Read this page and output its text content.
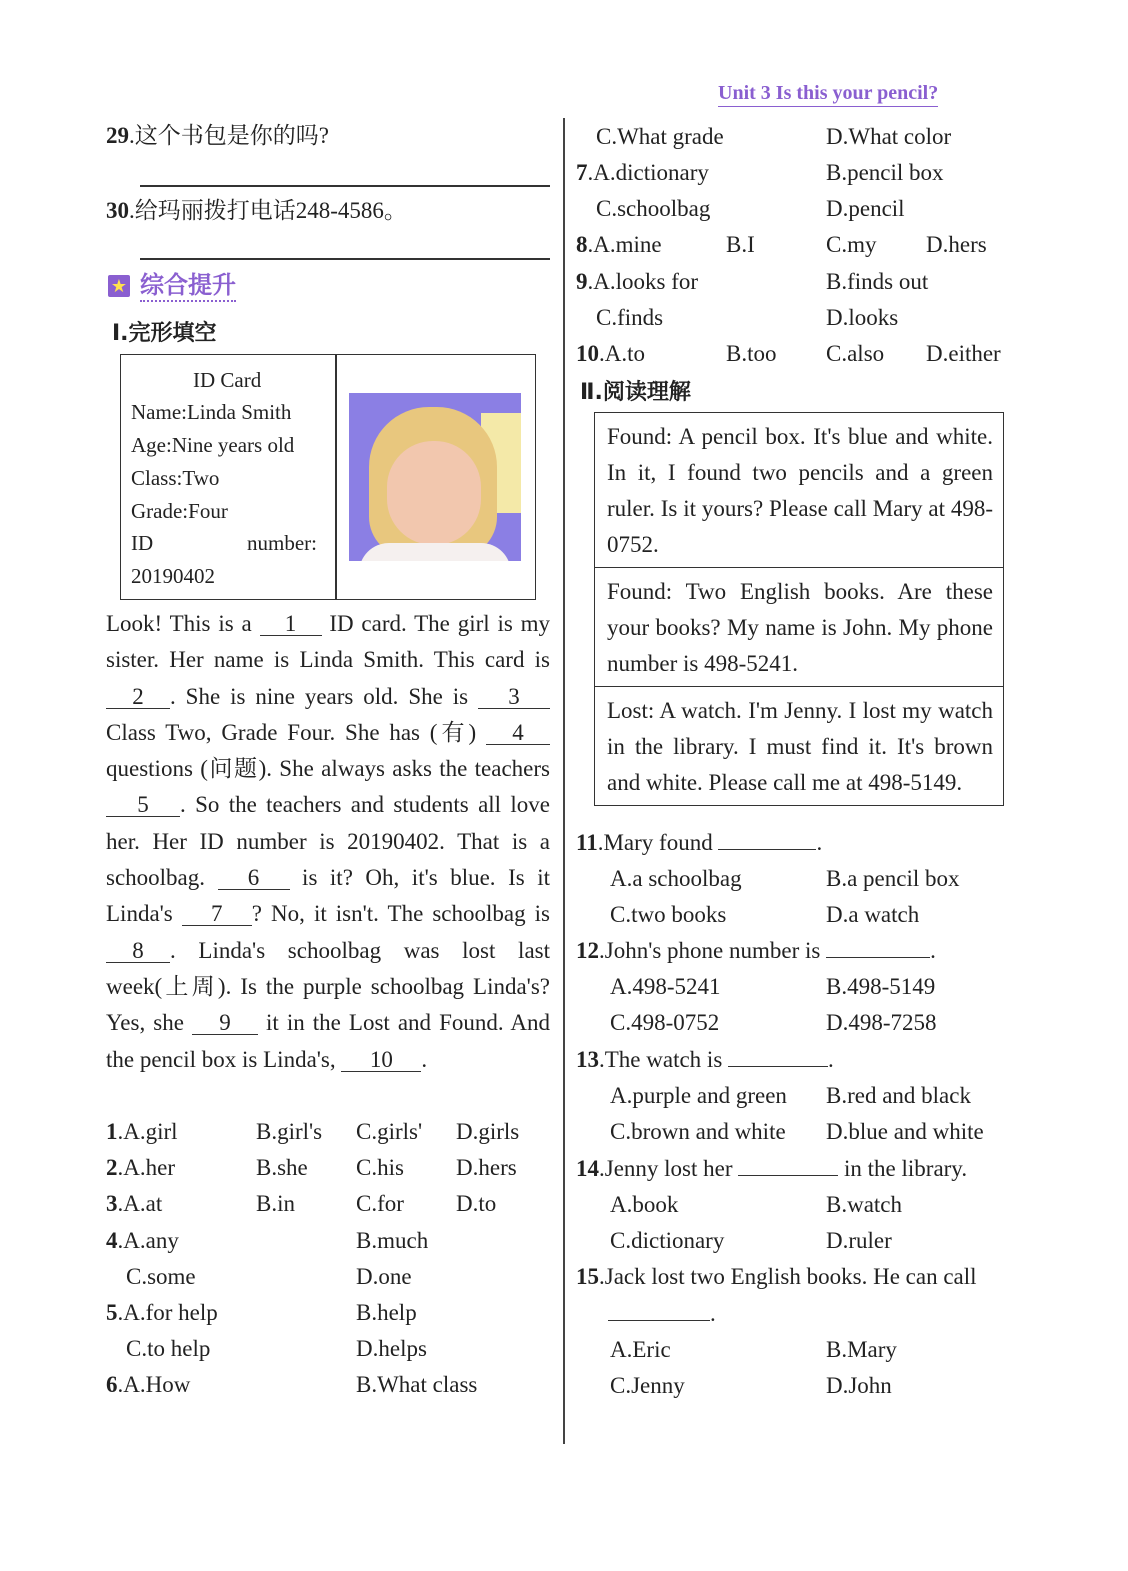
Unit 3 Is this your pencil?
29.这个书包是你的吗?
30.给玛丽拨打电话248-4586。
★ 综合提升
Ⅰ.完形填空
ID Card
Name:Linda Smith
Age:Nine years old
Class:Two
Grade:Four
ID	number:
20190402
Look! This is a 1 ID card. The girl is my sister. Her name is Linda Smith. This card is 2 . She is nine years old. She is 3 Class Two, Grade Four. She has (有) 4 questions (问题). She always asks the teachers 5 . So the teachers and students all love her. Her ID number is 20190402. That is a schoolbag. 6 is it? Oh, it's blue. Is it Linda's 7 ? No, it isn't. The schoolbag is 8 . Linda's schoolbag was lost last week(上周). Is the purple schoolbag Linda's? Yes, she 9 it in the Lost and Found. And the pencil box is Linda's, 10 .
1.A.girl	B.girl's C.girls' D.girls
2.A.her	B.she C.his D.hers
3.A.at	B.in	C.for D.to
4.A.any	B.much
C.some	D.one
5.A.for help	B.help
C.to help	D.helps
6.A.How	B.What class
C.What grade	D.What color
7.A.dictionary	B.pencil box
C.schoolbag	D.pencil
8.A.mine	B.I	C.my D.hers
9.A.looks for	B.finds out
C.finds	D.looks
10.A.to	B.too C.also D.either
Ⅱ.阅读理解
Found: A pencil box. It's blue and white. In it, I found two pencils and a green ruler. Is it yours? Please call Mary at 498-0752.
Found: Two English books. Are these your books? My name is John. My phone number is 498-5241.
Lost: A watch. I'm Jenny. I lost my watch in the library. I must find it. It's brown and white. Please call me at 498-5149.
11.Mary found	.
A.a schoolbag	B.a pencil box
C.two books	D.a watch
12.John's phone number is	.
A.498-5241	B.498-5149
C.498-0752	D.498-7258
13.The watch is	.
A.purple and green B.red and black
C.brown and white D.blue and white
14.Jenny lost her	in the library.
A.book	B.watch
C.dictionary	D.ruler
15.Jack lost two English books. He can call
.
A.Eric	B.Mary
C.Jenny	D.John
